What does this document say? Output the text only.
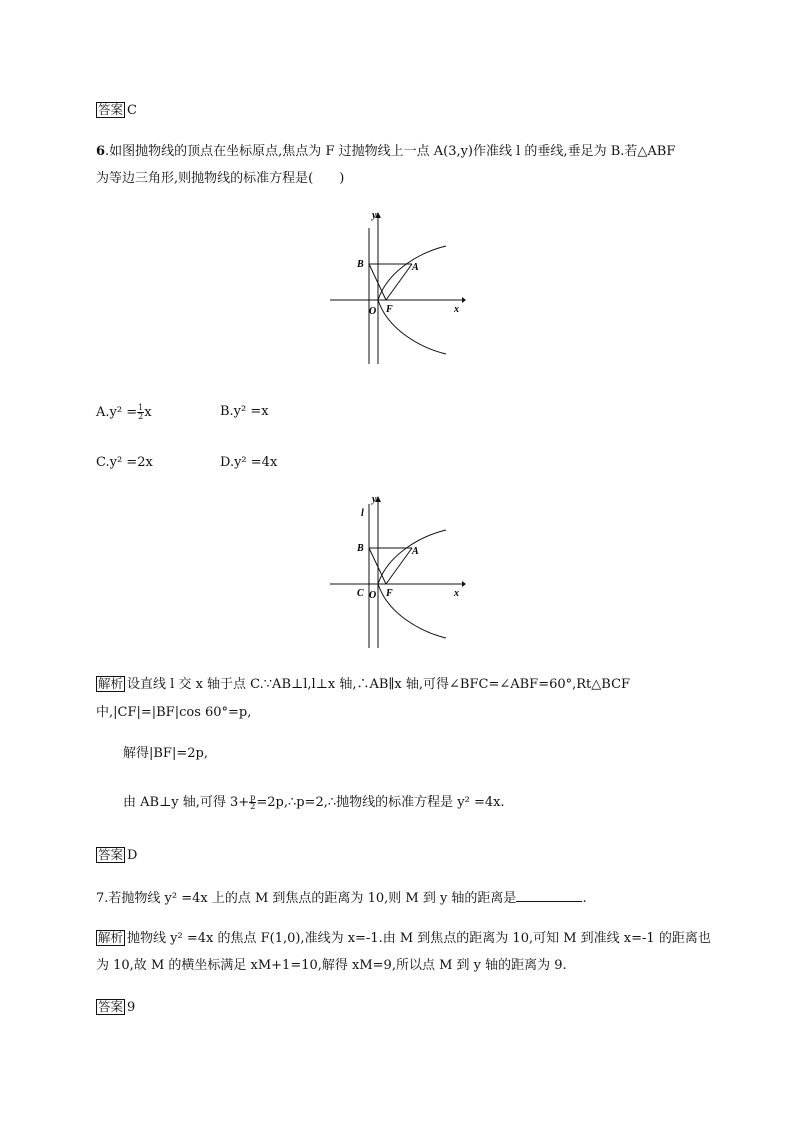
答案 C
6.如图抛物线的顶点在坐标原点,焦点为 F 过抛物线上一点 A(3,y)作准线 l 的垂线,垂足为 B.若△ABF
为等边三角形,则抛物线的标准方程是(　　)
y
B	A
O F	x
$A.y^2 = \frac{1}{2}$ x	B.y² =x
C.y² =2x	D.y² =4x
y
l
B	A
C O F	x
解析 设直线 l 交 x 轴于点 C.∵AB⊥l,l⊥x 轴,∴AB∥x 轴,可得∠BFC=∠ABF=60°,Rt△BCF
中,|CF|=|BF|cos 60°=p,
解得|BF|=2p,
由 AB⊥y 轴,可得 $3+ \frac{p}{2}$ =2p,∴p=2,∴抛物线的标准方程是 y² =4x.
答案 D
7.若抛物线 y² =4x 上的点 M 到焦点的距离为 10,则 M 到 y 轴的距离是	.
解析 抛物线 y² =4x 的焦点 F(1,0),准线为 x=-1.由 M 到焦点的距离为 10,可知 M 到准线 x=-1 的距离也
为 10,故 M 的横坐标满足 xM+1=10,解得 xM=9,所以点 M 到 y 轴的距离为 9.
答案 9
